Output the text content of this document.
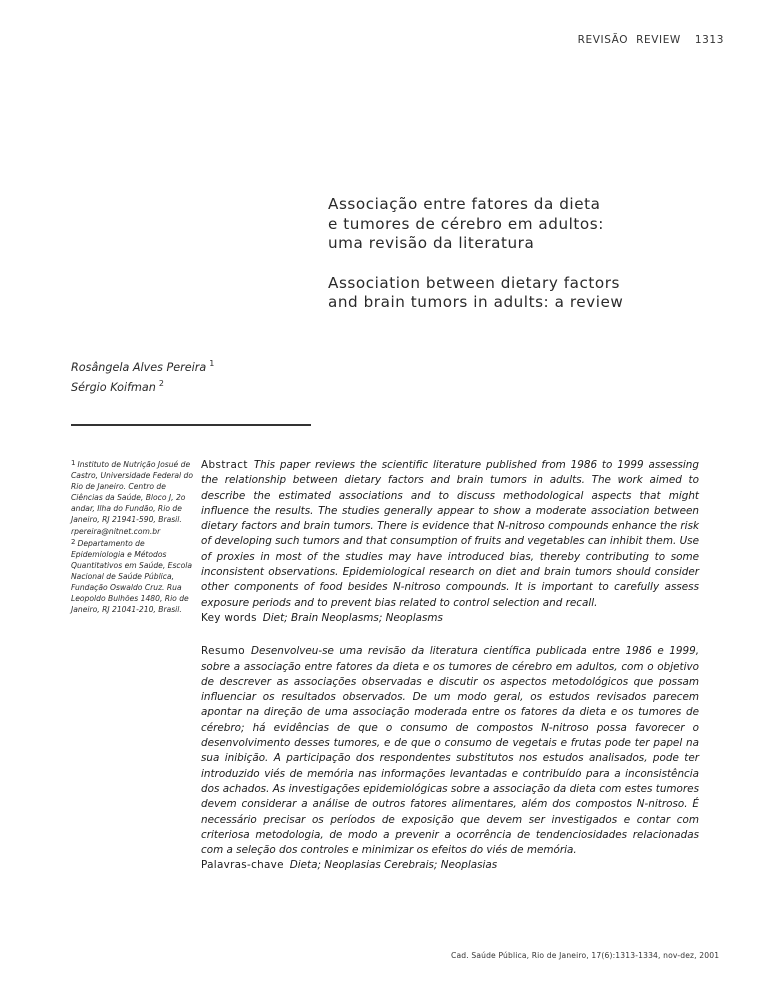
REVISÃO REVIEW 1313

Associação entre fatores da dieta
e tumores de cérebro em adultos:
uma revisão da literatura

Association between dietary factors
and brain tumors in adults: a review

Rosângela Alves Pereira $^1$
Sérgio Koifman $^2$

$^1$ Instituto de Nutrição Josué de Castro, Universidade Federal do Rio de Janeiro. Centro de Ciências da Saúde, Bloco J, 2o andar, Ilha do Fundão, Rio de Janeiro, RJ 21941-590, Brasil.
rpereira@nitnet.com.br

$^2$ Departamento de Epidemiologia e Métodos Quantitativos em Saúde, Escola Nacional de Saúde Pública, Fundação Oswaldo Cruz. Rua Leopoldo Bulhões 1480, Rio de Janeiro, RJ 21041-210, Brasil.

Abstract This paper reviews the scientific literature published from 1986 to 1999 assessing the relationship between dietary factors and brain tumors in adults. The work aimed to describe the estimated associations and to discuss methodological aspects that might influence the results. The studies generally appear to show a moderate association between dietary factors and brain tumors. There is evidence that N-nitroso compounds enhance the risk of developing such tumors and that consumption of fruits and vegetables can inhibit them. Use of proxies in most of the studies may have introduced bias, thereby contributing to some inconsistent observations. Epidemiological research on diet and brain tumors should consider other components of food besides N-nitroso compounds. It is important to carefully assess exposure periods and to prevent bias related to control selection and recall.

Key words Diet; Brain Neoplasms; Neoplasms

Resumo Desenvolveu-se uma revisão da literatura científica publicada entre 1986 e 1999, sobre a associação entre fatores da dieta e os tumores de cérebro em adultos, com o objetivo de descrever as associações observadas e discutir os aspectos metodológicos que possam influenciar os resultados observados. De um modo geral, os estudos revisados parecem apontar na direção de uma associação moderada entre os fatores da dieta e os tumores de cérebro; há evidências de que o consumo de compostos N-nitroso possa favorecer o desenvolvimento desses tumores, e de que o consumo de vegetais e frutas pode ter papel na sua inibição. A participação dos respondentes substitutos nos estudos analisados, pode ter introduzido viés de memória nas informações levantadas e contribuído para a inconsistência dos achados. As investigações epidemiológicas sobre a associação da dieta com estes tumores devem considerar a análise de outros fatores alimentares, além dos compostos N-nitroso. É necessário precisar os períodos de exposição que devem ser investigados e contar com criteriosa metodologia, de modo a prevenir a ocorrência de tendenciosidades relacionadas com a seleção dos controles e minimizar os efeitos do viés de memória.

Palavras-chave Dieta; Neoplasias Cerebrais; Neoplasias

Cad. Saúde Pública, Rio de Janeiro, 17(6):1313-1334, nov-dez, 2001
